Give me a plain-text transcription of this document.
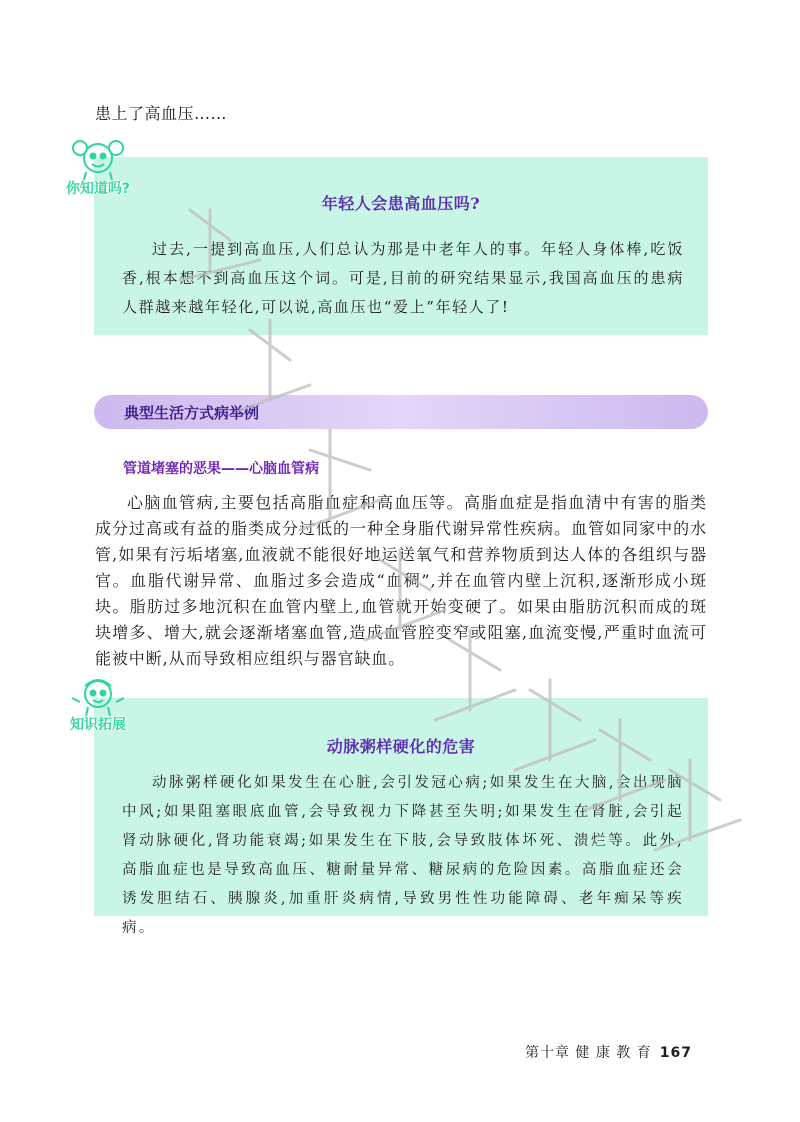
患上了高血压……
年轻人会患高血压吗?
过去,一提到高血压,人们总认为那是中老年人的事。年轻人身体棒,吃饭香,根本想不到高血压这个词。可是,目前的研究结果显示,我国高血压的患病人群越来越年轻化,可以说,高血压也“爱上”年轻人了!
你知道吗?
典型生活方式病举例
管道堵塞的恶果——心脑血管病
心脑血管病,主要包括高脂血症和高血压等。高脂血症是指血清中有害的脂类成分过高或有益的脂类成分过低的一种全身脂代谢异常性疾病。血管如同家中的水管,如果有污垢堵塞,血液就不能很好地运送氧气和营养物质到达人体的各组织与器官。血脂代谢异常、血脂过多会造成“血稠”,并在血管内壁上沉积,逐渐形成小斑块。脂肪过多地沉积在血管内壁上,血管就开始变硬了。如果由脂肪沉积而成的斑块增多、增大,就会逐渐堵塞血管,造成血管腔变窄或阻塞,血流变慢,严重时血流可能被中断,从而导致相应组织与器官缺血。
动脉粥样硬化的危害
动脉粥样硬化如果发生在心脏,会引发冠心病;如果发生在大脑,会出现脑中风;如果阻塞眼底血管,会导致视力下降甚至失明;如果发生在肾脏,会引起肾动脉硬化,肾功能衰竭;如果发生在下肢,会导致肢体坏死、溃烂等。此外,高脂血症也是导致高血压、糖耐量异常、糖尿病的危险因素。高脂血症还会诱发胆结石、胰腺炎,加重肝炎病情,导致男性性功能障碍、老年痴呆等疾病。
知识拓展
第十章 健 康 教 育 167
